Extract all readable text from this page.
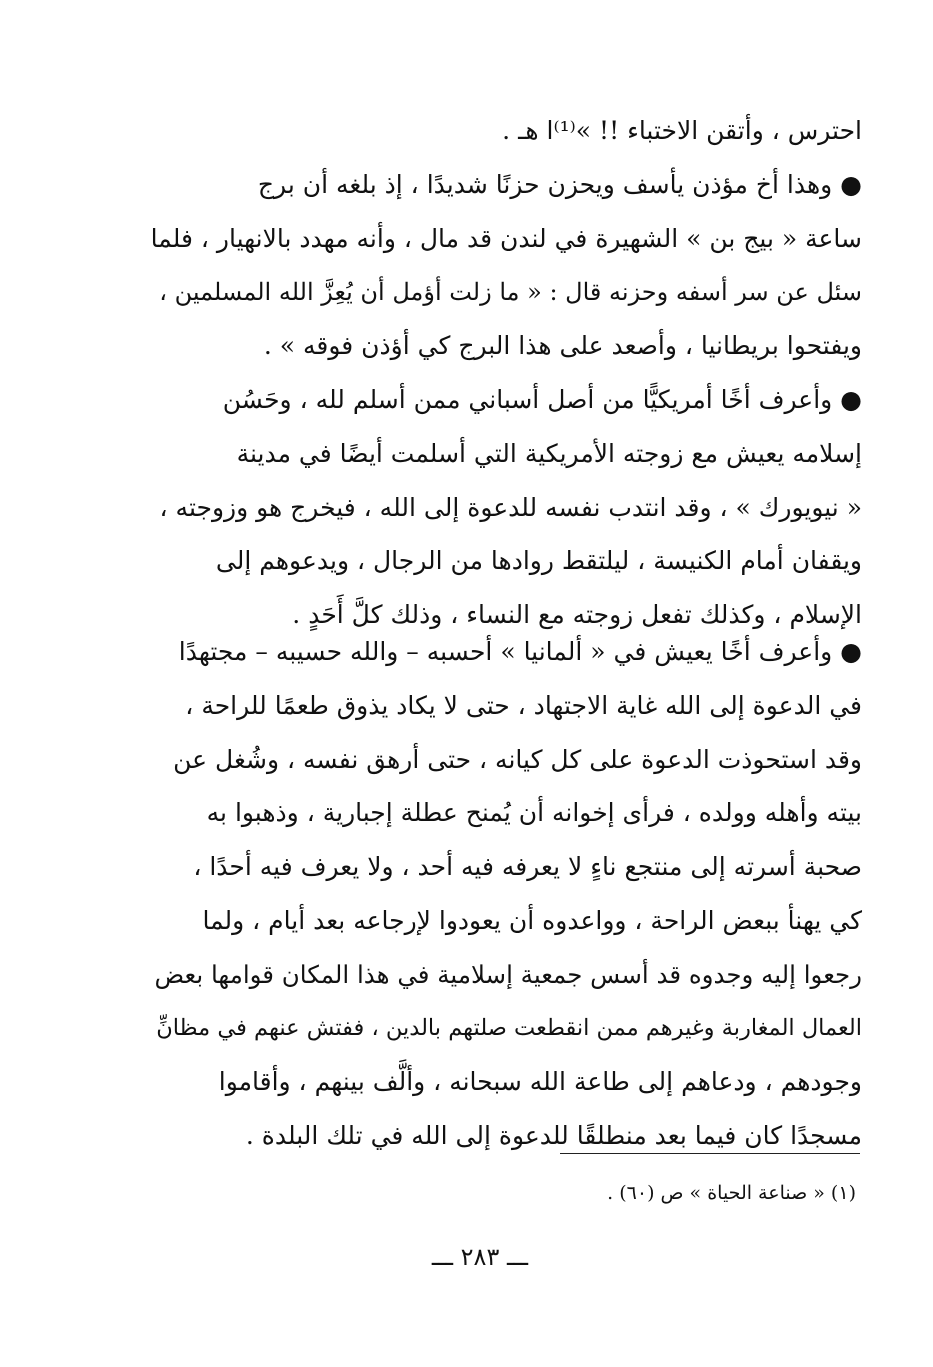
احترس ، وأتقن الاختباء !! »⁽¹⁾ا هـ .
● وهذا أخ مؤذن يأسف ويحزن حزنًا شديدًا ، إذ بلغه أن برج
ساعة « بيج بن » الشهيرة في لندن قد مال ، وأنه مهدد بالانهيار ، فلما
سئل عن سر أسفه وحزنه قال : « ما زلت أؤمل أن يُعِزَّ الله المسلمين ،
ويفتحوا بريطانيا ، وأصعد على هذا البرج كي أؤذن فوقه » .
● وأعرف أخًا أمريكيًّا من أصل أسباني ممن أسلم لله ، وحَسُن
إسلامه يعيش مع زوجته الأمريكية التي أسلمت أيضًا في مدينة
« نيويورك » ، وقد انتدب نفسه للدعوة إلى الله ، فيخرج هو وزوجته ،
ويقفان أمام الكنيسة ، ليلتقط روادها من الرجال ، ويدعوهم إلى
الإسلام ، وكذلك تفعل زوجته مع النساء ، وذلك كلَّ أَحَدٍ .
● وأعرف أخًا يعيش في « ألمانيا » أحسبه – والله حسيبه – مجتهدًا
في الدعوة إلى الله غاية الاجتهاد ، حتى لا يكاد يذوق طعمًا للراحة ،
وقد استحوذت الدعوة على كل كيانه ، حتى أرهق نفسه ، وشُغل عن
بيته وأهله وولده ، فرأى إخوانه أن يُمنح عطلة إجبارية ، وذهبوا به
صحبة أسرته إلى منتجع ناءٍ لا يعرفه فيه أحد ، ولا يعرف فيه أحدًا ،
كي يهنأ ببعض الراحة ، وواعدوه أن يعودوا لإرجاعه بعد أيام ، ولما
رجعوا إليه وجدوه قد أسس جمعية إسلامية في هذا المكان قوامها بعض
العمال المغاربة وغيرهم ممن انقطعت صلتهم بالدين ، ففتش عنهم في مظانِّ
وجودهم ، ودعاهم إلى طاعة الله سبحانه ، وألَّف بينهم ، وأقاموا
مسجدًا كان فيما بعد منطلقًا للدعوة إلى الله في تلك البلدة .
(١) « صناعة الحياة » ص (٦٠) .
ـــ ٢٨٣ ـــ
